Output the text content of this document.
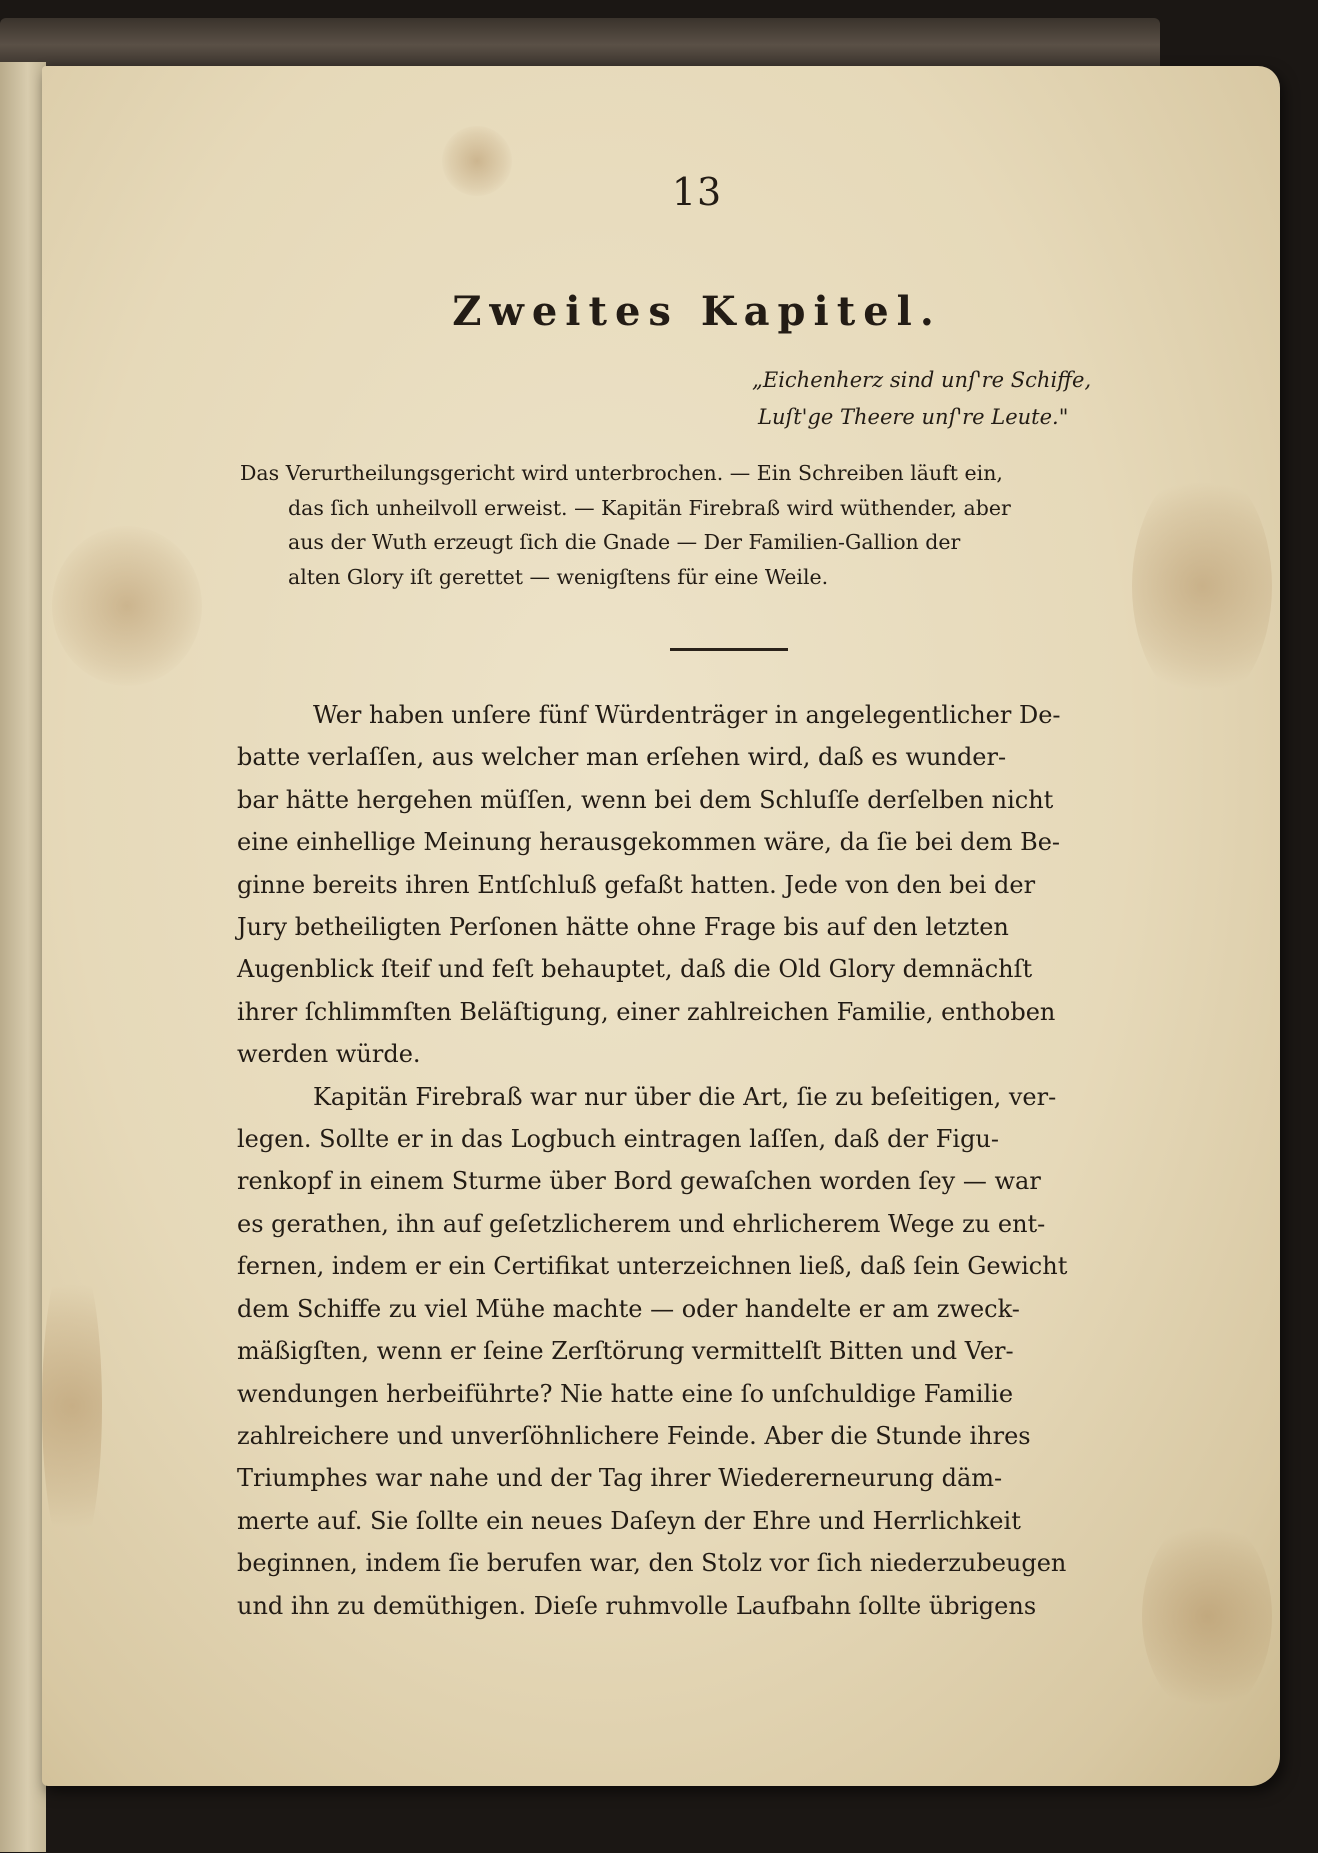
13
Zweites Kapitel.
„Eichenherz sind unſ're Schiffe,
Luſt'ge Theere unſ're Leute."
Das Verurtheilungsgericht wird unterbrochen. — Ein Schreiben läuft ein,
das ſich unheilvoll erweist. — Kapitän Firebraß wird wüthender, aber
aus der Wuth erzeugt ſich die Gnade — Der Familien-Gallion der
alten Glory iſt gerettet — wenigſtens für eine Weile.
Wer haben unſere fünf Würdenträger in angelegentlicher De-
batte verlaſſen, aus welcher man erſehen wird, daß es wunder-
bar hätte hergehen müſſen, wenn bei dem Schluſſe derſelben nicht
eine einhellige Meinung herausgekommen wäre, da ſie bei dem Be-
ginne bereits ihren Entſchluß gefaßt hatten. Jede von den bei der
Jury betheiligten Perſonen hätte ohne Frage bis auf den letzten
Augenblick ſteif und feſt behauptet, daß die Old Glory demnächſt
ihrer ſchlimmſten Beläſtigung, einer zahlreichen Familie, enthoben
werden würde.
Kapitän Firebraß war nur über die Art, ſie zu beſeitigen, ver-
legen. Sollte er in das Logbuch eintragen laſſen, daß der Figu-
renkopf in einem Sturme über Bord gewaſchen worden ſey — war
es gerathen, ihn auf geſetzlicherem und ehrlicherem Wege zu ent-
fernen, indem er ein Certifikat unterzeichnen ließ, daß ſein Gewicht
dem Schiffe zu viel Mühe machte — oder handelte er am zweck-
mäßigſten, wenn er ſeine Zerſtörung vermittelſt Bitten und Ver-
wendungen herbeiführte? Nie hatte eine ſo unſchuldige Familie
zahlreichere und unverſöhnlichere Feinde. Aber die Stunde ihres
Triumphes war nahe und der Tag ihrer Wiedererneurung däm-
merte auf. Sie ſollte ein neues Daſeyn der Ehre und Herrlichkeit
beginnen, indem ſie berufen war, den Stolz vor ſich niederzubeugen
und ihn zu demüthigen. Dieſe ruhmvolle Laufbahn ſollte übrigens
